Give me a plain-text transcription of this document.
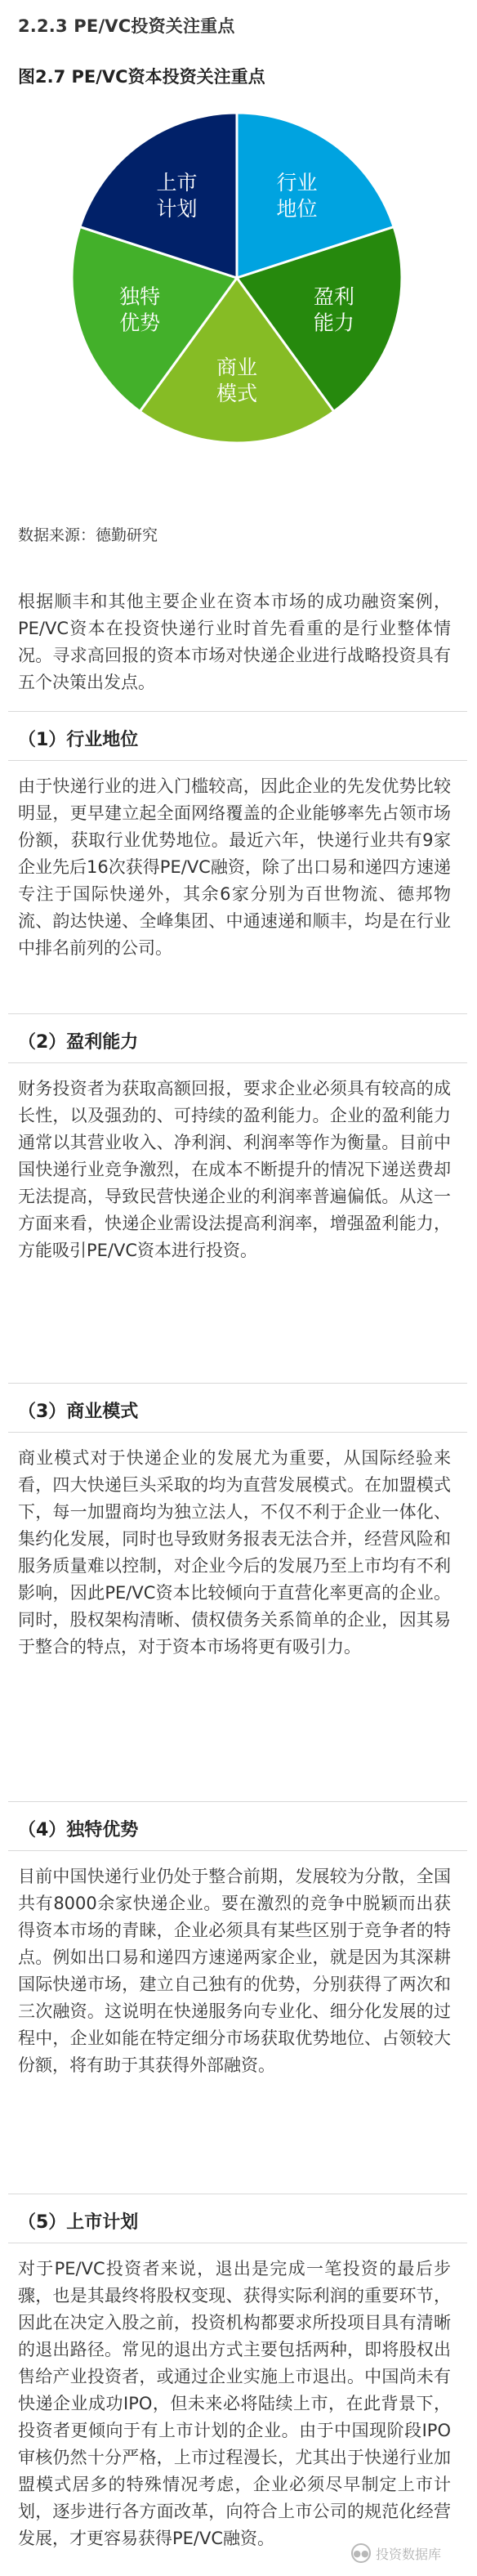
2.2.3 PE/VC投资关注重点
图2.7 PE/VC资本投资关注重点
行业
地位
盈利
能力
商业
模式
独特
优势
上市
计划
数据来源：德勤研究
根据顺丰和其他主要企业在资本市场的成功融资案例，PE/VC资本在投资快递行业时首先看重的是行业整体情况。寻求高回报的资本市场对快递企业进行战略投资具有五个决策出发点。
（1）行业地位
由于快递行业的进入门槛较高，因此企业的先发优势比较明显，更早建立起全面网络覆盖的企业能够率先占领市场份额，获取行业优势地位。最近六年，快递行业共有9家企业先后16次获得PE/VC融资，除了出口易和递四方速递专注于国际快递外，其余6家分别为百世物流、德邦物流、韵达快递、全峰集团、中通速递和顺丰，均是在行业中排名前列的公司。
（2）盈利能力
财务投资者为获取高额回报，要求企业必须具有较高的成长性，以及强劲的、可持续的盈利能力。企业的盈利能力通常以其营业收入、净利润、利润率等作为衡量。目前中国快递行业竞争激烈，在成本不断提升的情况下递送费却无法提高，导致民营快递企业的利润率普遍偏低。从这一方面来看，快递企业需设法提高利润率，增强盈利能力，方能吸引PE/VC资本进行投资。
（3）商业模式
商业模式对于快递企业的发展尤为重要，从国际经验来看，四大快递巨头采取的均为直营发展模式。在加盟模式下，每一加盟商均为独立法人，不仅不利于企业一体化、集约化发展，同时也导致财务报表无法合并，经营风险和服务质量难以控制，对企业今后的发展乃至上市均有不利影响，因此PE/VC资本比较倾向于直营化率更高的企业。同时，股权架构清晰、债权债务关系简单的企业，因其易于整合的特点，对于资本市场将更有吸引力。
（4）独特优势
目前中国快递行业仍处于整合前期，发展较为分散，全国共有8000余家快递企业。要在激烈的竞争中脱颖而出获得资本市场的青睐，企业必须具有某些区别于竞争者的特点。例如出口易和递四方速递两家企业，就是因为其深耕国际快递市场，建立自己独有的优势，分别获得了两次和三次融资。这说明在快递服务向专业化、细分化发展的过程中，企业如能在特定细分市场获取优势地位、占领较大份额，将有助于其获得外部融资。
（5）上市计划
对于PE/VC投资者来说，退出是完成一笔投资的最后步骤，也是其最终将股权变现、获得实际利润的重要环节，因此在决定入股之前，投资机构都要求所投项目具有清晰的退出路径。常见的退出方式主要包括两种，即将股权出售给产业投资者，或通过企业实施上市退出。中国尚未有快递企业成功IPO，但未来必将陆续上市，在此背景下，投资者更倾向于有上市计划的企业。由于中国现阶段IPO审核仍然十分严格，上市过程漫长，尤其出于快递行业加盟模式居多的特殊情况考虑，企业必须尽早制定上市计划，逐步进行各方面改革，向符合上市公司的规范化经营发展，才更容易获得PE/VC融资。
●● 投资数据库
